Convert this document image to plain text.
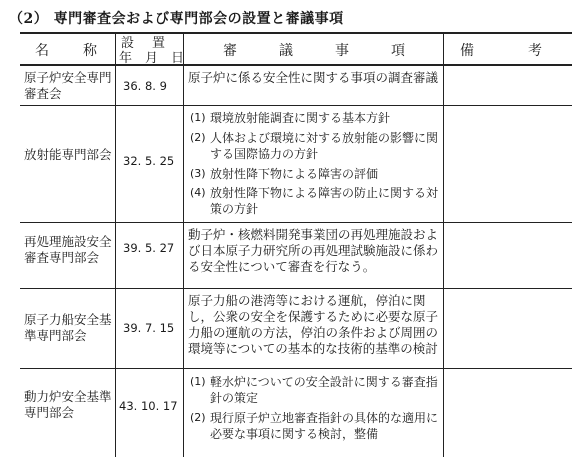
（2） 専門審査会および専門部会の設置と審議事項
名　称 設置
年月日 審　議　事　項	備　考
原子炉安全専門審査会	36. 8. 9
原子炉に係る安全性に関する事項の調査審議
放射能専門部会 32. 5. 25
(1) 環境放射能調査に関する基本方針
(2) 人体および環境に対する放射能の影響に関する国際協力の方針
(3) 放射性降下物による障害の評価
(4) 放射性降下物による障害の防止に関する対策の方針
再処理施設安全審査専門部会
39. 5. 27
動子炉・核燃料開発事業団の再処理施設および日本原子力研究所の再処理試験施設に係わる安全性について審査を行なう。
原子力船安全基準専門部会	39. 7. 15
原子力船の港湾等における運航，停泊に関し，公衆の安全を保護するために必要な原子力船の運航の方法，停泊の条件および周囲の環境等についての基本的な技術的基準の検討
動力炉安全基準専門部会	43. 10. 17
(1) 軽水炉についての安全設計に関する審査指針の策定
(2) 現行原子炉立地審査指針の具体的な適用に必要な事項に関する検討，整備
